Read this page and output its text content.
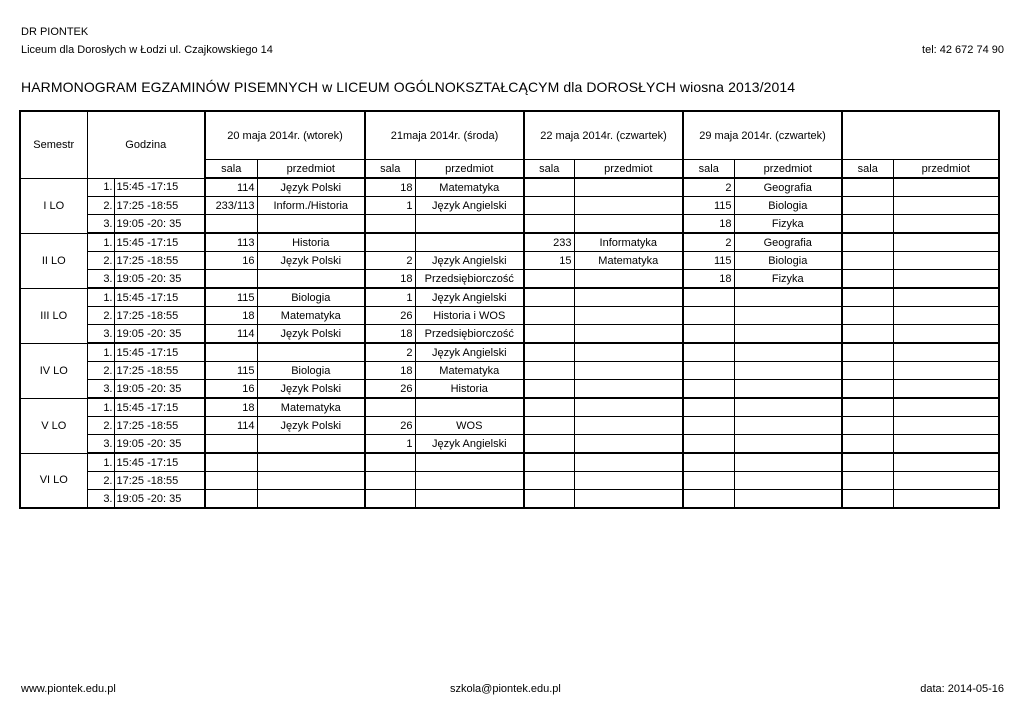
DR PIONTEK
Liceum dla Dorosłych w Łodzi ul. Czajkowskiego 14	tel: 42 672 74 90
HARMONOGRAM EGZAMINÓW PISEMNYCH w LICEUM OGÓLNOKSZTAŁCĄCYM dla DOROSŁYCH wiosna 2013/2014
Semestr	Godzina		20 maja 2014r. (wtorek)		21maja 2014r. (środa)		22 maja 2014r. (czwartek)		29 maja 2014r. (czwartek)			
			sala	przedmiot	sala	przedmiot	sala	przedmiot	sala	przedmiot	sala	przedmiot
I LO	1.	15:45 -17:15	114	Język Polski	18	Matematyka			2	Geografia		
	2.	17:25 -18:55	233/113	Inform./Historia	1	Język Angielski			115	Biologia		
	3.	19:05 -20: 35							18	Fizyka		
II LO	1.	15:45 -17:15	113	Historia			233	Informatyka	2	Geografia		
	2.	17:25 -18:55	16	Język Polski	2	Język Angielski	15	Matematyka	115	Biologia		
	3.	19:05 -20: 35			18	Przedsiębiorczość			18	Fizyka		
III LO	1.	15:45 -17:15	115	Biologia	1	Język Angielski						
	2.	17:25 -18:55	18	Matematyka	26	Historia i WOS						
	3.	19:05 -20: 35	114	Język Polski	18	Przedsiębiorczość						
IV LO	1.	15:45 -17:15			2	Język Angielski						
	2.	17:25 -18:55	115	Biologia	18	Matematyka						
	3.	19:05 -20: 35	16	Język Polski	26	Historia						
V LO	1.	15:45 -17:15	18	Matematyka								
	2.	17:25 -18:55	114	Język Polski	26	WOS						
	3.	19:05 -20: 35			1	Język Angielski						
VI LO	1.	15:45 -17:15										
	2.	17:25 -18:55										
	3.	19:05 -20: 35										
www.piontek.edu.pl	szkola@piontek.edu.pl	data: 2014-05-16
